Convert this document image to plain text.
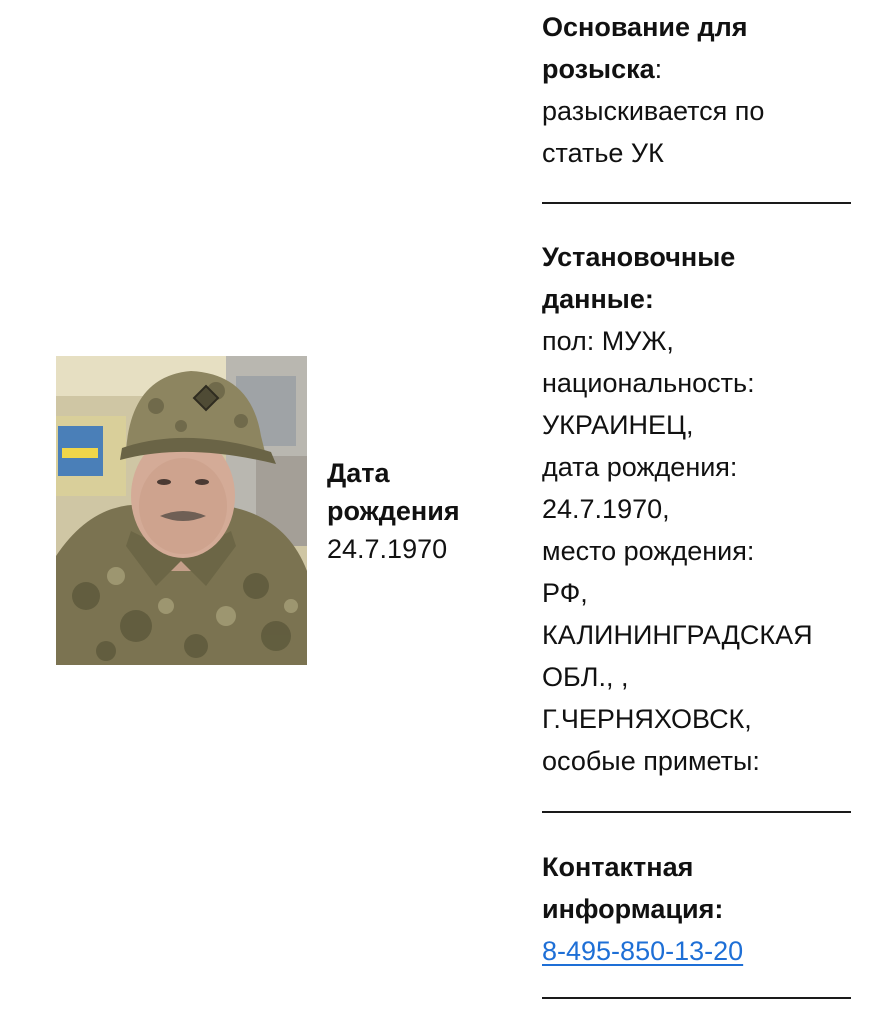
Дата
рождения
24.7.1970
Основание для
розыска:
разыскивается по
статье УК
Установочные
данные:
пол: МУЖ,
национальность:
УКРАИНЕЦ,
дата рождения:
24.7.1970,
место рождения:
РФ,
КАЛИНИНГРАДСКАЯ
ОБЛ., ,
Г.ЧЕРНЯХОВСК,
особые приметы:
Контактная
информация:
8-495-850-13-20
